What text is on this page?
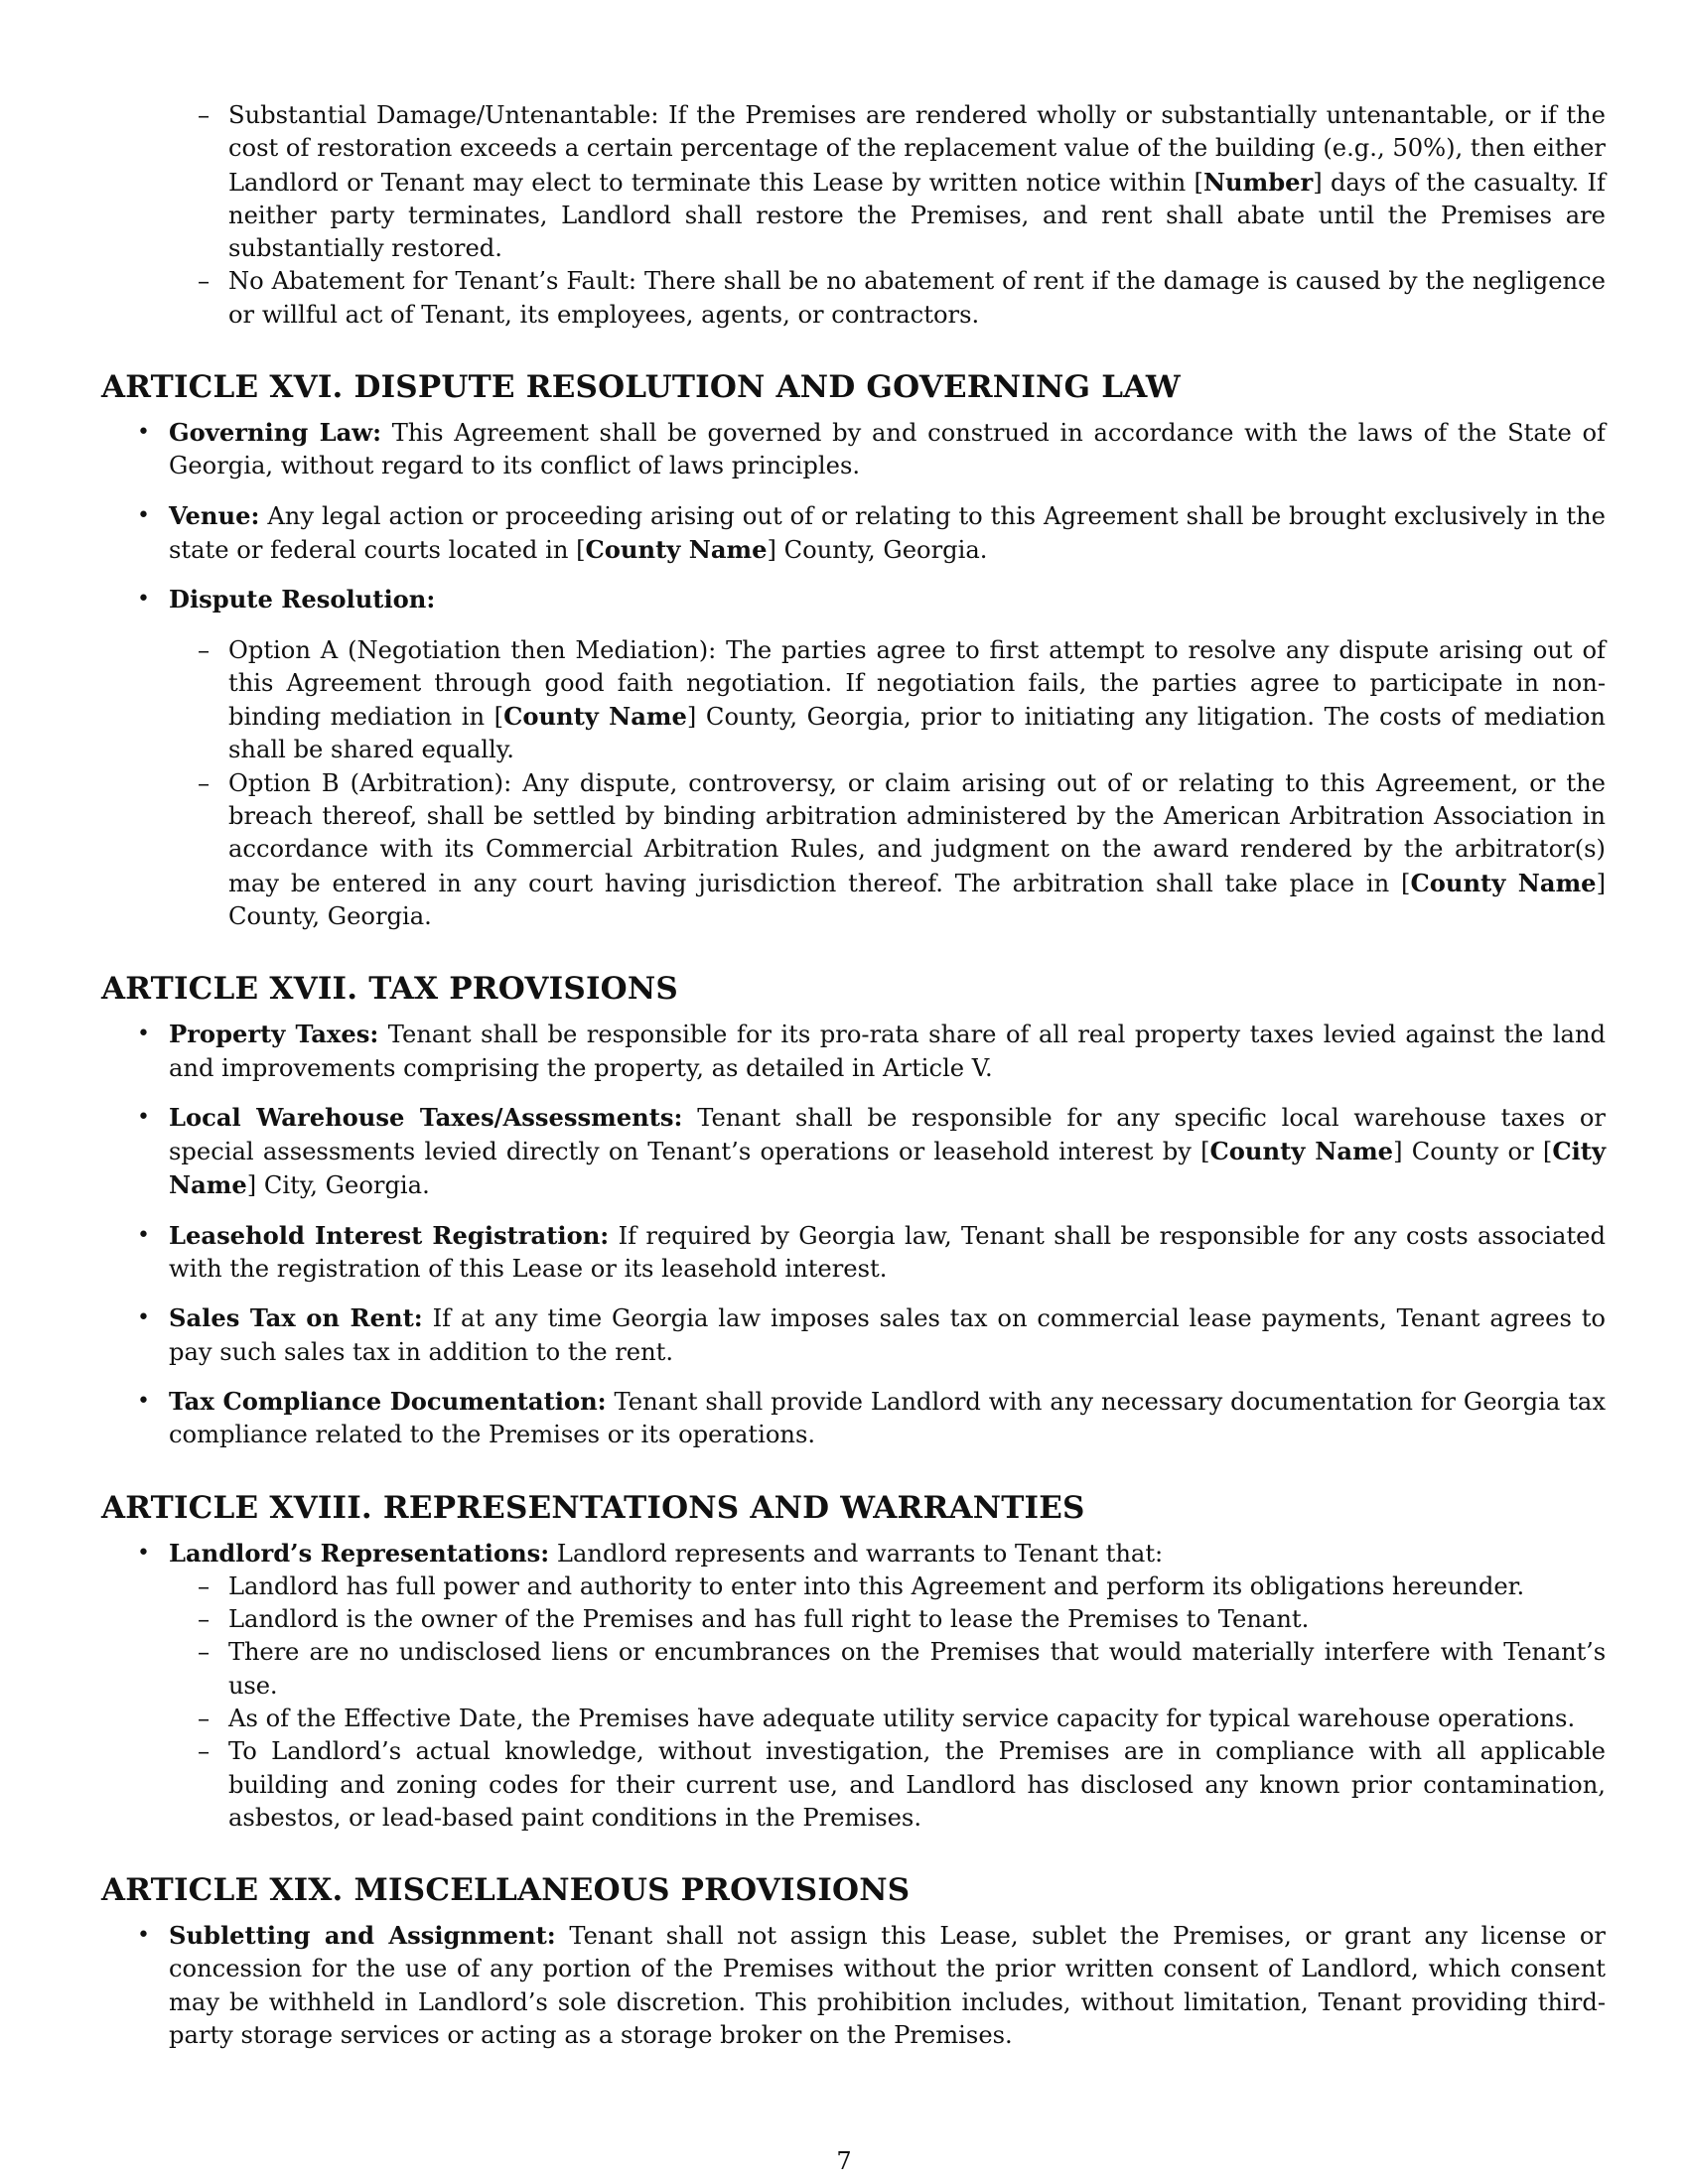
– Substantial Damage/Untenantable: If the Premises are rendered wholly or substantially untenantable, or if the cost of restoration exceeds a certain percentage of the replacement value of the building (e.g., 50%), then either Landlord or Tenant may elect to terminate this Lease by written notice within [Number] days of the casualty. If neither party terminates, Landlord shall restore the Premises, and rent shall abate until the Premises are substantially restored.

– No Abatement for Tenant’s Fault: There shall be no abatement of rent if the damage is caused by the negligence or willful act of Tenant, its employees, agents, or contractors.

ARTICLE XVI. DISPUTE RESOLUTION AND GOVERNING LAW
• Governing Law: This Agreement shall be governed by and construed in accordance with the laws of the State of Georgia, without regard to its conflict of laws principles.
• Venue: Any legal action or proceeding arising out of or relating to this Agreement shall be brought exclusively in the state or federal courts located in [County Name] County, Georgia.
• Dispute Resolution:

– Option A (Negotiation then Mediation): The parties agree to first attempt to resolve any dispute arising out of this Agreement through good faith negotiation. If negotiation fails, the parties agree to participate in non-binding mediation in [County Name] County, Georgia, prior to initiating any litigation. The costs of mediation shall be shared equally.

– Option B (Arbitration): Any dispute, controversy, or claim arising out of or relating to this Agreement, or the breach thereof, shall be settled by binding arbitration administered by the American Arbitration Association in accordance with its Commercial Arbitration Rules, and judgment on the award rendered by the arbitrator(s) may be entered in any court having jurisdiction thereof. The arbitration shall take place in [County Name] County, Georgia.

ARTICLE XVII. TAX PROVISIONS
• Property Taxes: Tenant shall be responsible for its pro-rata share of all real property taxes levied against the land and improvements comprising the property, as detailed in Article V.
• Local Warehouse Taxes/Assessments: Tenant shall be responsible for any specific local warehouse taxes or special assessments levied directly on Tenant’s operations or leasehold interest by [County Name] County or [City Name] City, Georgia.
• Leasehold Interest Registration: If required by Georgia law, Tenant shall be responsible for any costs associated with the registration of this Lease or its leasehold interest.
• Sales Tax on Rent: If at any time Georgia law imposes sales tax on commercial lease payments, Tenant agrees to pay such sales tax in addition to the rent.
• Tax Compliance Documentation: Tenant shall provide Landlord with any necessary documentation for Georgia tax compliance related to the Premises or its operations.
ARTICLE XVIII. REPRESENTATIONS AND WARRANTIES
• Landlord’s Representations: Landlord represents and warrants to Tenant that:

– Landlord has full power and authority to enter into this Agreement and perform its obligations hereunder.

– Landlord is the owner of the Premises and has full right to lease the Premises to Tenant.

– There are no undisclosed liens or encumbrances on the Premises that would materially interfere with Tenant’s use.

– As of the Effective Date, the Premises have adequate utility service capacity for typical warehouse operations.

– To Landlord’s actual knowledge, without investigation, the Premises are in compliance with all applicable building and zoning codes for their current use, and Landlord has disclosed any known prior contamination, asbestos, or lead-based paint conditions in the Premises.

ARTICLE XIX. MISCELLANEOUS PROVISIONS
• Subletting and Assignment: Tenant shall not assign this Lease, sublet the Premises, or grant any license or concession for the use of any portion of the Premises without the prior written consent of Landlord, which consent may be withheld in Landlord’s sole discretion. This prohibition includes, without limitation, Tenant providing third-party storage services or acting as a storage broker on the Premises.
7
